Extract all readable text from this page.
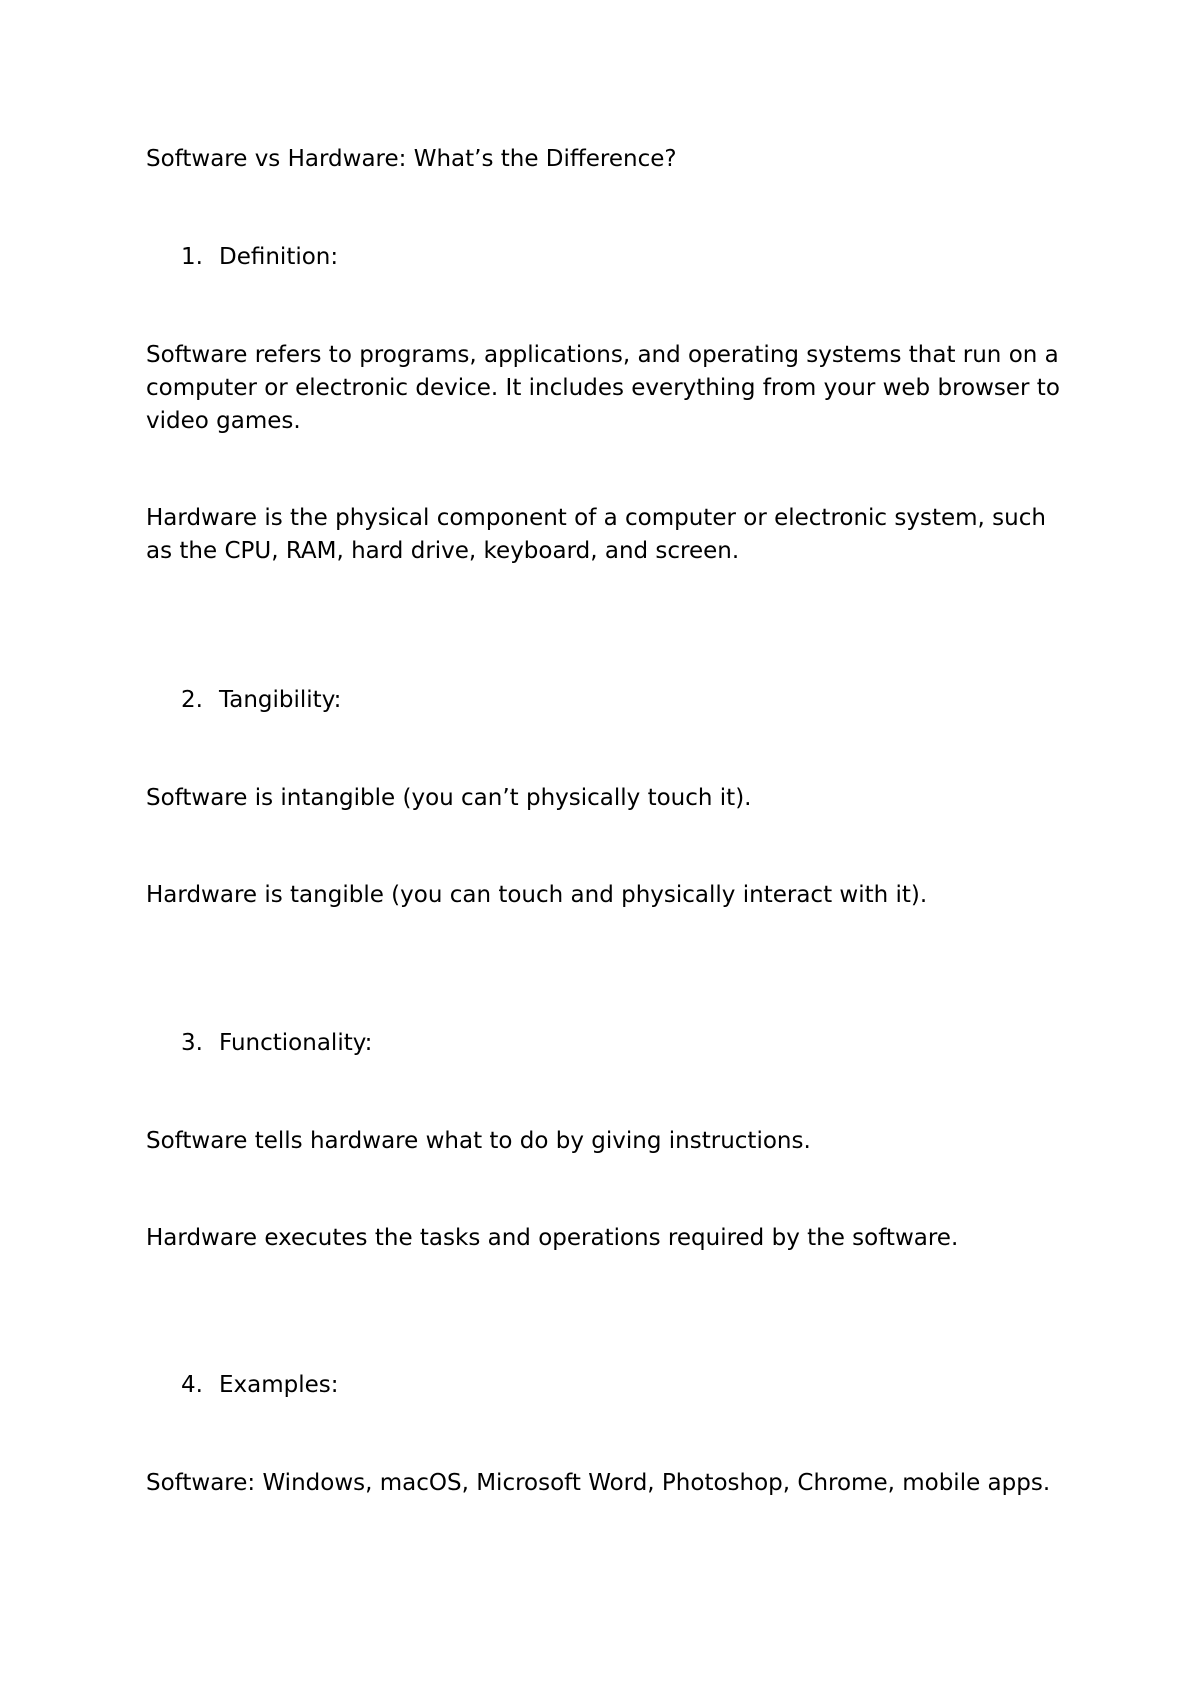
Software vs Hardware: What’s the Difference?

1. Definition:

Software refers to programs, applications, and operating systems that run on a computer or electronic device. It includes everything from your web browser to video games.

Hardware is the physical component of a computer or electronic system, such as the CPU, RAM, hard drive, keyboard, and screen.

2. Tangibility:

Software is intangible (you can’t physically touch it).

Hardware is tangible (you can touch and physically interact with it).

3. Functionality:

Software tells hardware what to do by giving instructions.

Hardware executes the tasks and operations required by the software.

4. Examples:

Software: Windows, macOS, Microsoft Word, Photoshop, Chrome, mobile apps.
